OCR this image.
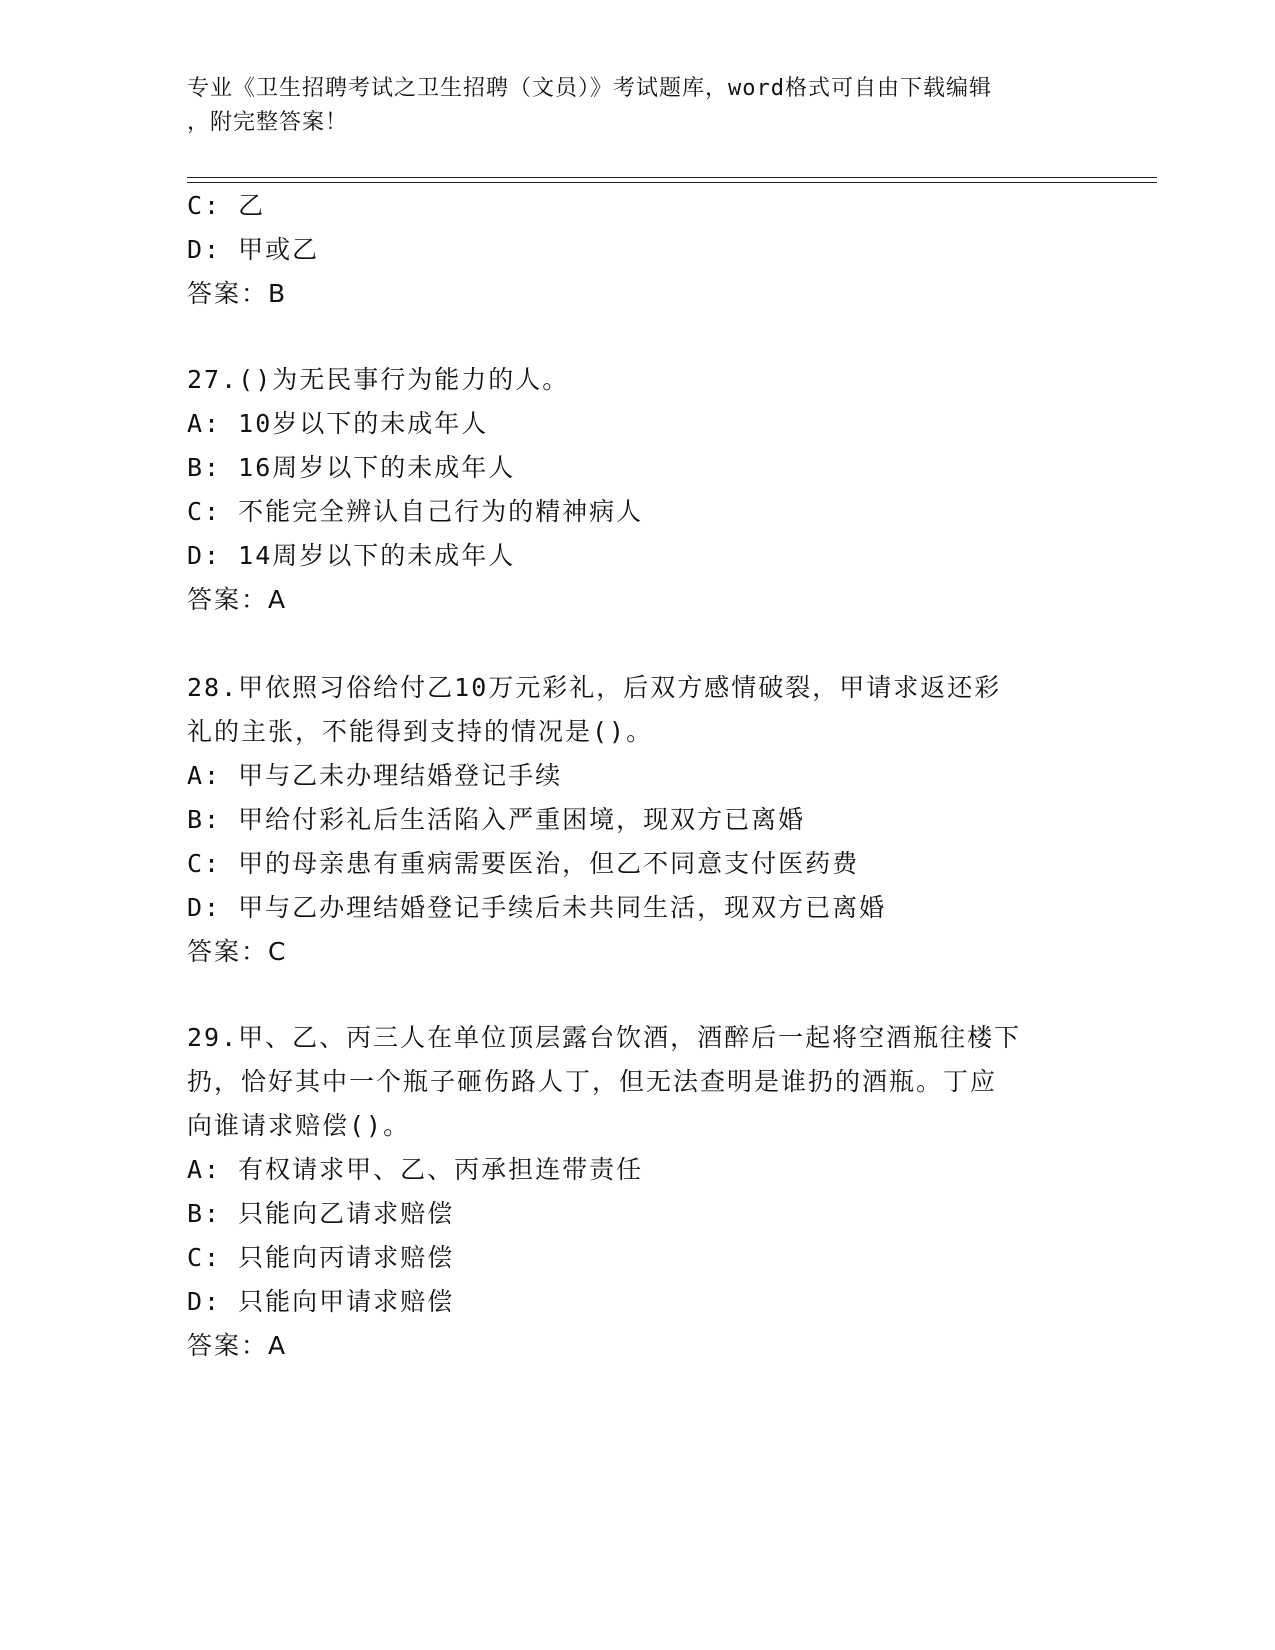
专业《卫生招聘考试之卫生招聘（文员）》考试题库，word格式可自由下载编辑
，附完整答案！
C: 乙
D: 甲或乙
答案：B
27.()为无民事行为能力的人。
A: 10岁以下的未成年人
B: 16周岁以下的未成年人
C: 不能完全辨认自己行为的精神病人
D: 14周岁以下的未成年人
答案：A
28.甲依照习俗给付乙10万元彩礼，后双方感情破裂，甲请求返还彩
礼的主张，不能得到支持的情况是()。
A: 甲与乙未办理结婚登记手续
B: 甲给付彩礼后生活陷入严重困境，现双方已离婚
C: 甲的母亲患有重病需要医治，但乙不同意支付医药费
D: 甲与乙办理结婚登记手续后未共同生活，现双方已离婚
答案：C
29.甲、乙、丙三人在单位顶层露台饮酒，酒醉后一起将空酒瓶往楼下
扔，恰好其中一个瓶子砸伤路人丁，但无法查明是谁扔的酒瓶。丁应
向谁请求赔偿()。
A: 有权请求甲、乙、丙承担连带责任
B: 只能向乙请求赔偿
C: 只能向丙请求赔偿
D: 只能向甲请求赔偿
答案：A
